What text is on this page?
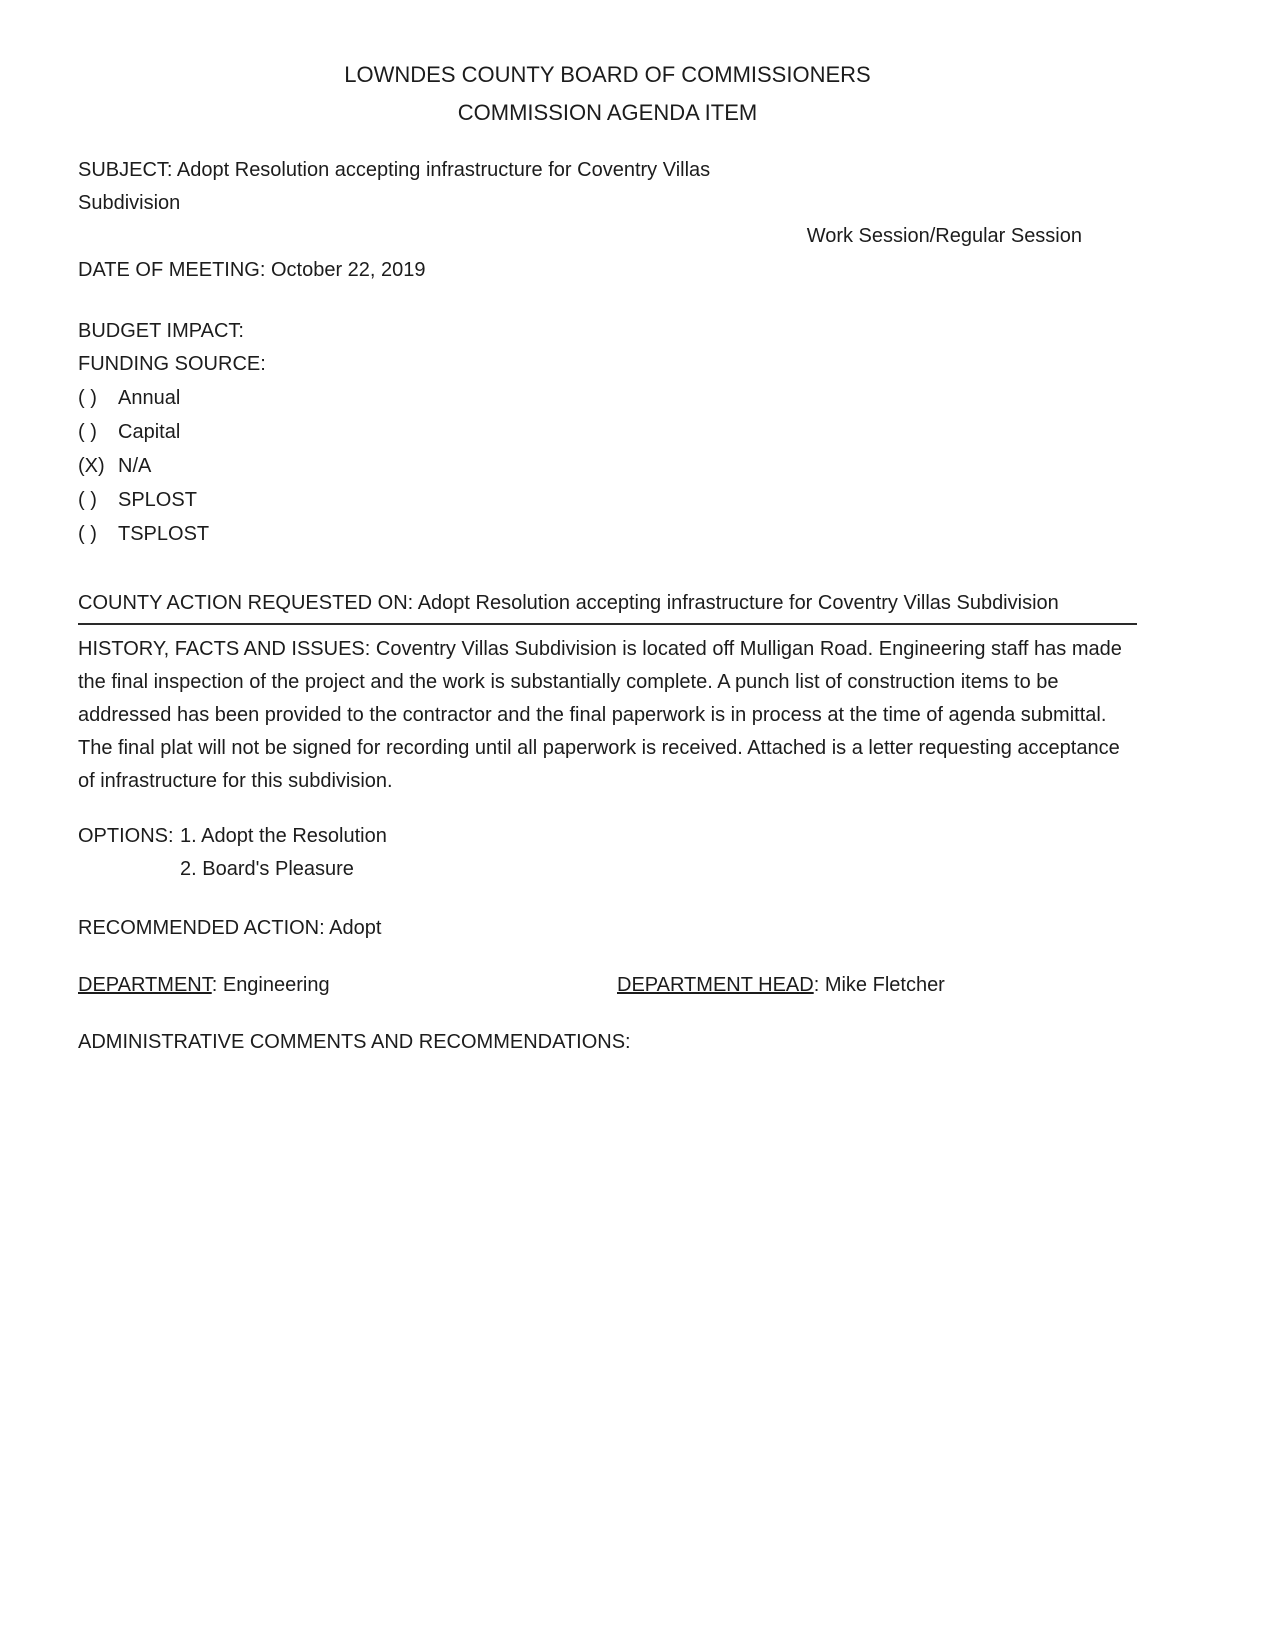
LOWNDES COUNTY BOARD OF COMMISSIONERS
COMMISSION AGENDA ITEM

SUBJECT: Adopt Resolution accepting infrastructure for Coventry Villas Subdivision

Work Session/Regular Session

DATE OF MEETING: October 22, 2019

BUDGET IMPACT:

FUNDING SOURCE:

( )	Annual
( )	Capital
(X) N/A
( )	SPLOST
( )	TSPLOST

COUNTY ACTION REQUESTED ON: Adopt Resolution accepting infrastructure for Coventry Villas Subdivision

HISTORY, FACTS AND ISSUES: Coventry Villas Subdivision is located off Mulligan Road. Engineering staff has made the final inspection of the project and the work is substantially complete. A punch list of construction items to be addressed has been provided to the contractor and the final paperwork is in process at the time of agenda submittal. The final plat will not be signed for recording until all paperwork is received. Attached is a letter requesting acceptance of infrastructure for this subdivision.

OPTIONS: 1. Adopt the Resolution
2. Board's Pleasure

RECOMMENDED ACTION: Adopt

DEPARTMENT: Engineering	DEPARTMENT HEAD: Mike Fletcher

ADMINISTRATIVE COMMENTS AND RECOMMENDATIONS:
